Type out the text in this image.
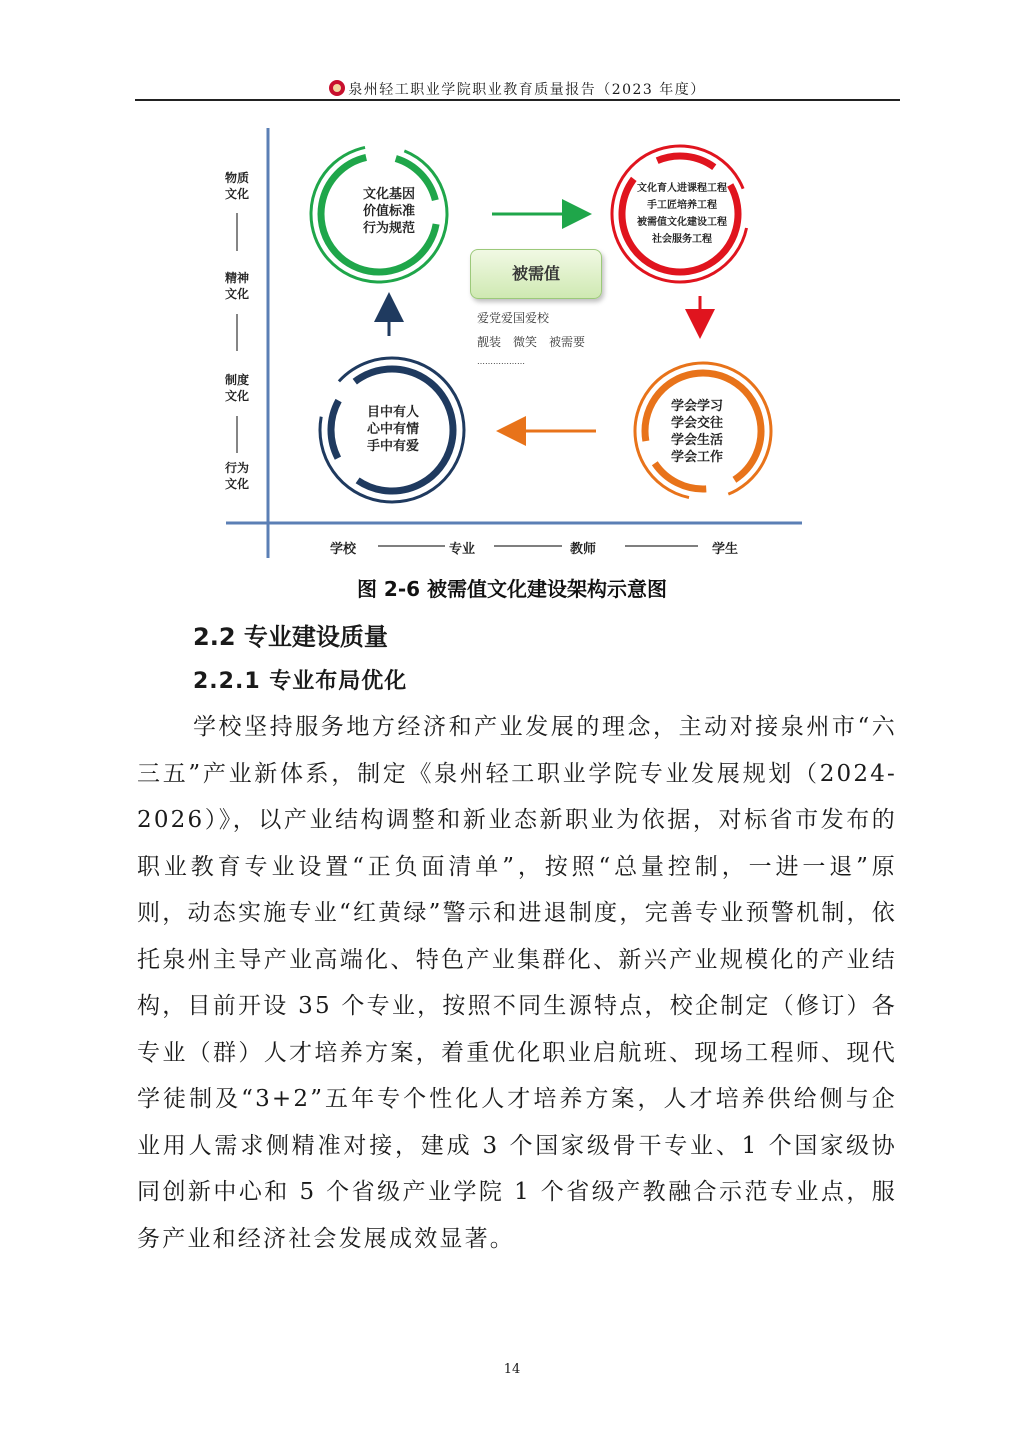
泉州轻工职业学院职业教育质量报告（2023 年度）
物质
文化
精神
文化
制度
文化
行为
文化
学校	专业	教师	学生
文化基因
价值标准
行为规范
文化育人进课程工程
手工匠培养工程
被需值文化建设工程
社会服务工程
学会学习
学会交往
学会生活
学会工作
目中有人
心中有情
手中有爱
被需值
爱党爱国爱校
靓装　微笑　被需要
………………
图 2-6 被需值文化建设架构示意图
2.2 专业建设质量
2.2.1 专业布局优化

学校坚持服务地方经济和产业发展的理念，主动对接泉州市“六三五”产业新体系，制定《泉州轻工职业学院专业发展规划（2024-2026）》，以产业结构调整和新业态新职业为依据，对标省市发布的职业教育专业设置“正负面清单”，按照“总量控制，一进一退”原则，动态实施专业“红黄绿”警示和进退制度，完善专业预警机制，依托泉州主导产业高端化、特色产业集群化、新兴产业规模化的产业结构，目前开设 35 个专业，按照不同生源特点，校企制定（修订）各专业（群）人才培养方案，着重优化职业启航班、现场工程师、现代学徒制及“3+2”五年专个性化人才培养方案，人才培养供给侧与企业用人需求侧精准对接，建成 3 个国家级骨干专业、1 个国家级协同创新中心和 5 个省级产业学院 1 个省级产教融合示范专业点，服务产业和经济社会发展成效显著。

14
